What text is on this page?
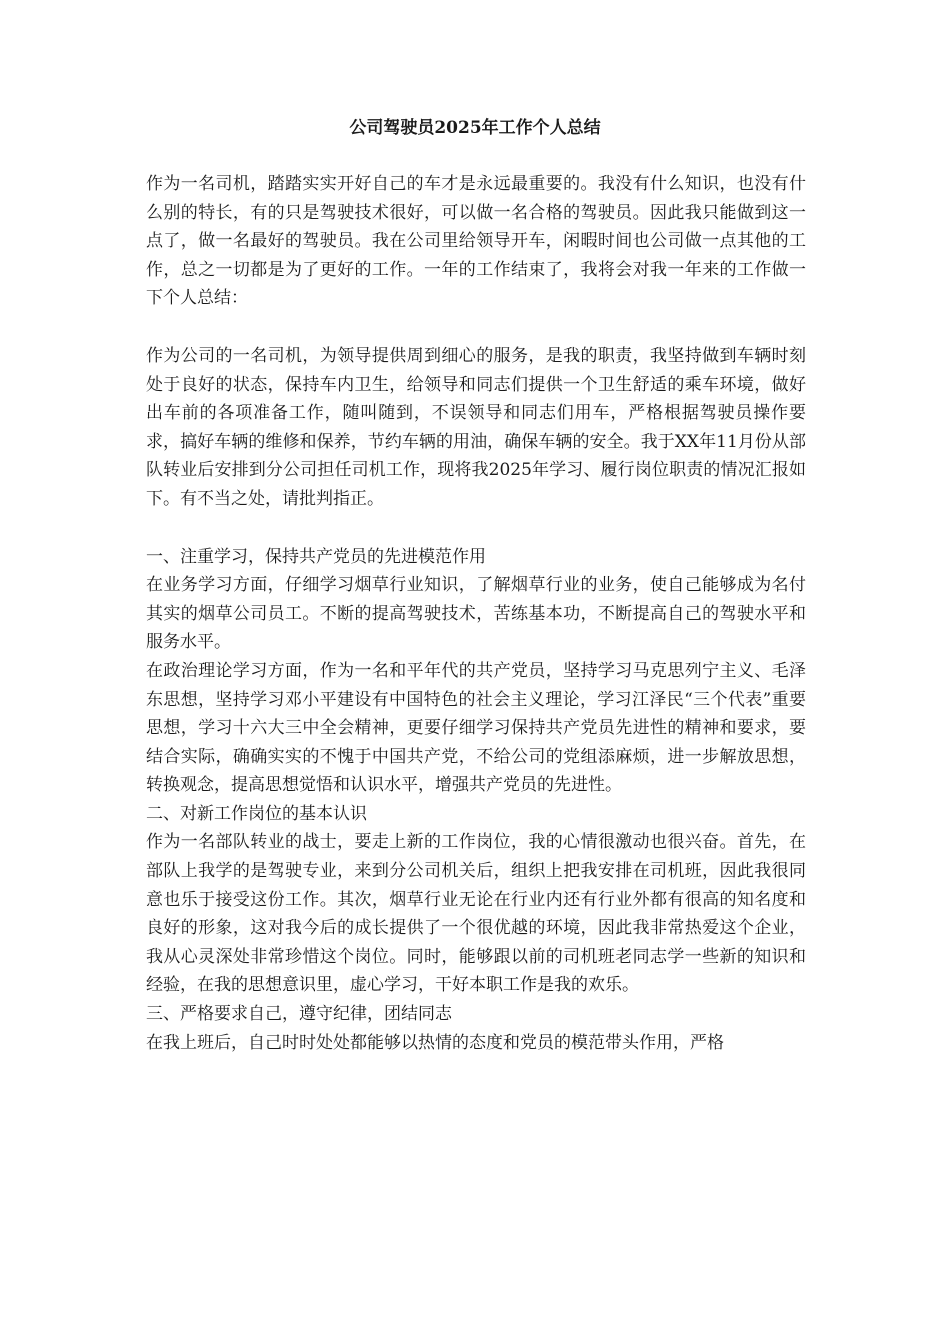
公司驾驶员2025年工作个人总结

作为一名司机，踏踏实实开好自己的车才是永远最重要的。我没有什么知识，也没有什么别的特长，有的只是驾驶技术很好，可以做一名合格的驾驶员。因此我只能做到这一点了，做一名最好的驾驶员。我在公司里给领导开车，闲暇时间也公司做一点其他的工作，总之一切都是为了更好的工作。一年的工作结束了，我将会对我一年来的工作做一下个人总结：

作为公司的一名司机，为领导提供周到细心的服务，是我的职责，我坚持做到车辆时刻处于良好的状态，保持车内卫生，给领导和同志们提供一个卫生舒适的乘车环境，做好出车前的各项准备工作，随叫随到，不误领导和同志们用车，严格根据驾驶员操作要求，搞好车辆的维修和保养，节约车辆的用油，确保车辆的安全。我于XX年11月份从部队转业后安排到分公司担任司机工作，现将我2025年学习、履行岗位职责的情况汇报如下。有不当之处，请批判指正。

一、注重学习，保持共产党员的先进模范作用

在业务学习方面，仔细学习烟草行业知识，了解烟草行业的业务，使自己能够成为名付其实的烟草公司员工。不断的提高驾驶技术，苦练基本功，不断提高自己的驾驶水平和服务水平。

在政治理论学习方面，作为一名和平年代的共产党员，坚持学习马克思列宁主义、毛泽东思想，坚持学习邓小平建设有中国特色的社会主义理论，学习江泽民“三个代表”重要思想，学习十六大三中全会精神，更要仔细学习保持共产党员先进性的精神和要求，要结合实际，确确实实的不愧于中国共产党，不给公司的党组添麻烦，进一步解放思想，转换观念，提高思想觉悟和认识水平，增强共产党员的先进性。

二、对新工作岗位的基本认识

作为一名部队转业的战士，要走上新的工作岗位，我的心情很激动也很兴奋。首先，在部队上我学的是驾驶专业，来到分公司机关后，组织上把我安排在司机班，因此我很同意也乐于接受这份工作。其次，烟草行业无论在行业内还有行业外都有很高的知名度和良好的形象，这对我今后的成长提供了一个很优越的环境，因此我非常热爱这个企业，我从心灵深处非常珍惜这个岗位。同时，能够跟以前的司机班老同志学一些新的知识和经验，在我的思想意识里，虚心学习，干好本职工作是我的欢乐。

三、严格要求自己，遵守纪律，团结同志

在我上班后，自己时时处处都能够以热情的态度和党员的模范带头作用，严格
